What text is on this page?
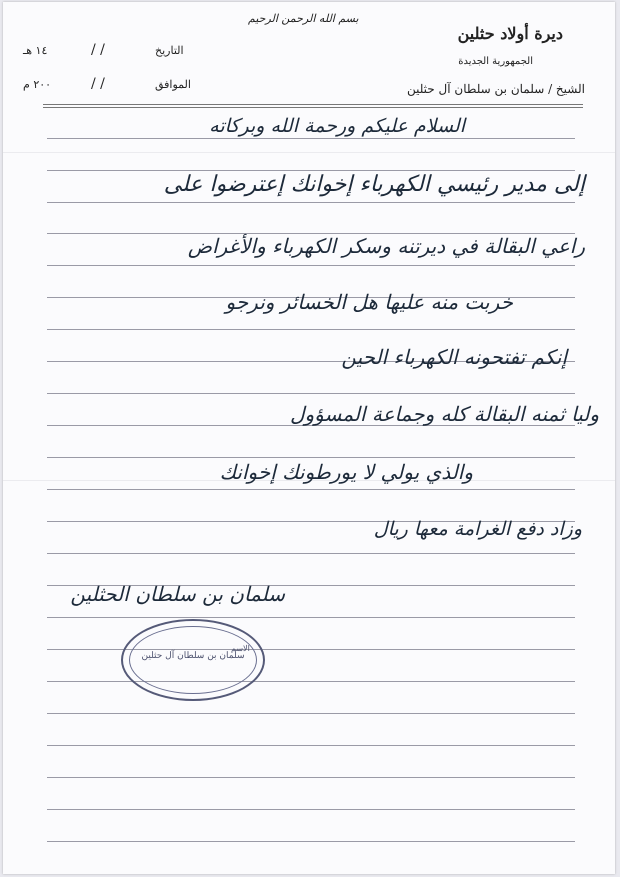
بسم الله الرحمن الرحيم
ديرة أولاد حثلين
الجمهورية الجديدة
الشيخ / سلمان بن سلطان آل حثلين
التاريخ
/ /
١٤ هـ
الموافق
/ /
٢٠٠ م
السلام عليكم ورحمة الله وبركاته
إلى مدير رئيسي الكهرباء إخوانك إعترضوا على
راعي البقالة في ديرتنه وسكر الكهرباء والأغراض
خربت منه عليها هل الخسائر ونرجو
إنكم تفتحونه الكهرباء الحين
وليا ثمنه البقالة كله وجماعة المسؤول
والذي يولي لا يورطونك إخوانك
وزاد دفع الغرامة معها ريال
سلمان بن سلطان الحثلين
سلمان بن سلطان آل حثلين
الاسم
